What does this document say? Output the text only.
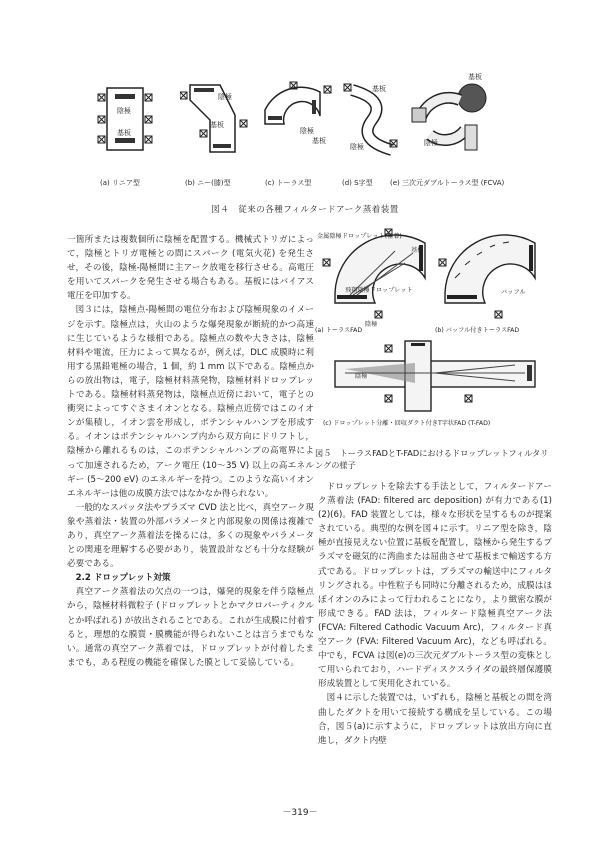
陰極
基板
(a) リニア型
陰極
基板
(b) ニー(膝)型
陰極
基板
(c) トーラス型
基板
陰極
(d) S字型
基板
陰極
(e) 三次元ダブルトーラス型 (FCVA)
図４　従来の各種フィルタードアーク蒸着装置

一箇所または複数個所に陰極を配置する。機械式トリガによって，陰極とトリガ電極との間にスパーク (電気火花) を発生させ，その後，陰極-陽極間に主アーク放電を移行させる。高電圧を用いてスパークを発生させる場合もある。基板にはバイアス電圧を印加する。

図３には，陰極点-陽極間の電位分布および陰極現象のイメージを示す。陰極点は，火山のような爆発現象が断続的かつ高速に生じているような様相である。陰極点の数や大きさは，陰極材料や電流，圧力によって異なるが，例えば，DLC 成膜時に利用する黒鉛電極の場合，1 個，約 1 mm 以下である。陰極点からの放出物は，電子，陰極材料蒸発物，陰極材料ドロップレットである。陰極材料蒸発物は，陰極点近傍において，電子との衝突によってすぐさまイオンとなる。陰極点近傍ではこのイオンが集積し，イオン雲を形成し，ポテンシャルハンプを形成する。イオンはポテンシャルハンプ内から双方向にドリフトし，陰極から離れるものは，このポテンシャルハンプの高電界によって加速されるため，アーク電圧 (10～35 V) 以上の高エネルギー (5～200 eV) のエネルギーを持つ。このような高いイオンエネルギーは他の成膜方法ではなかなか得られない。

一般的なスパッタ法やプラズマ CVD 法と比べ，真空アーク現象や蒸着法・装置の外部パラメータと内部現象の関係は複雑であり，真空アーク蒸着法を操るには，多くの現象やパラメータとの関連を理解する必要があり，装置設計なども十分な経験が必要である。

2.2 ドロップレット対策

真空アーク蒸着法の欠点の一つは，爆発的現象を伴う陰極点から，陰極材料微粒子 (ドロップレットとかマクロパーティクルとか呼ばれる) が放出されることである。これが生成膜に付着すると，理想的な膜質・膜機能が得られないことは言うまでもない。通常の真空アーク蒸着では，ドロップレットが付着したままでも，ある程度の機能を確保した膜として妥協している。

金属陰極ドロップレット(極着)
飛翔陰極ドロップレット
基板
バッフル
陰極
(a) トーラスFAD	(b) バッフル付きトーラスFAD
陰極
(c) ドロップレット分離・回収ダクト付きT字状FAD (T-FAD)
図５　トーラスFADとT-FADにおけるドロップレットフィルタリングの様子

ドロップレットを除去する手法として，フィルタードアーク蒸着法 (FAD: filtered arc deposition) が有力である(1)(2)(6)。FAD 装置としては，様々な形状を呈するものが提案されている。典型的な例を図４に示す。リニア型を除き，陰極が直接見えない位置に基板を配置し，陰極から発生するプラズマを磁気的に湾曲または屈曲させて基板まで輸送する方式である。ドロップレットは，プラズマの輸送中にフィルタリングされる。中性粒子も同時に分離されるため，成膜はほぼイオンのみによって行われることになり，より緻密な膜が形成できる。FAD 法は，フィルタード陰極真空アーク法 (FCVA: Filtered Cathodic Vacuum Arc)，フィルタード真空アーク (FVA: Filtered Vacuum Arc)，なども呼ばれる。中でも，FCVA は図(e)の三次元ダブルトーラス型の変株として用いられており，ハードディスクスライダの最終層保護膜形成装置として実用化されている。

図４に示した装置では，いずれも，陰極と基板との間を湾曲したダクトを用いて接続する構成を呈している。この場合，図５(a)に示すように，ドロップレットは放出方向に直進し，ダクト内壁

－319－
